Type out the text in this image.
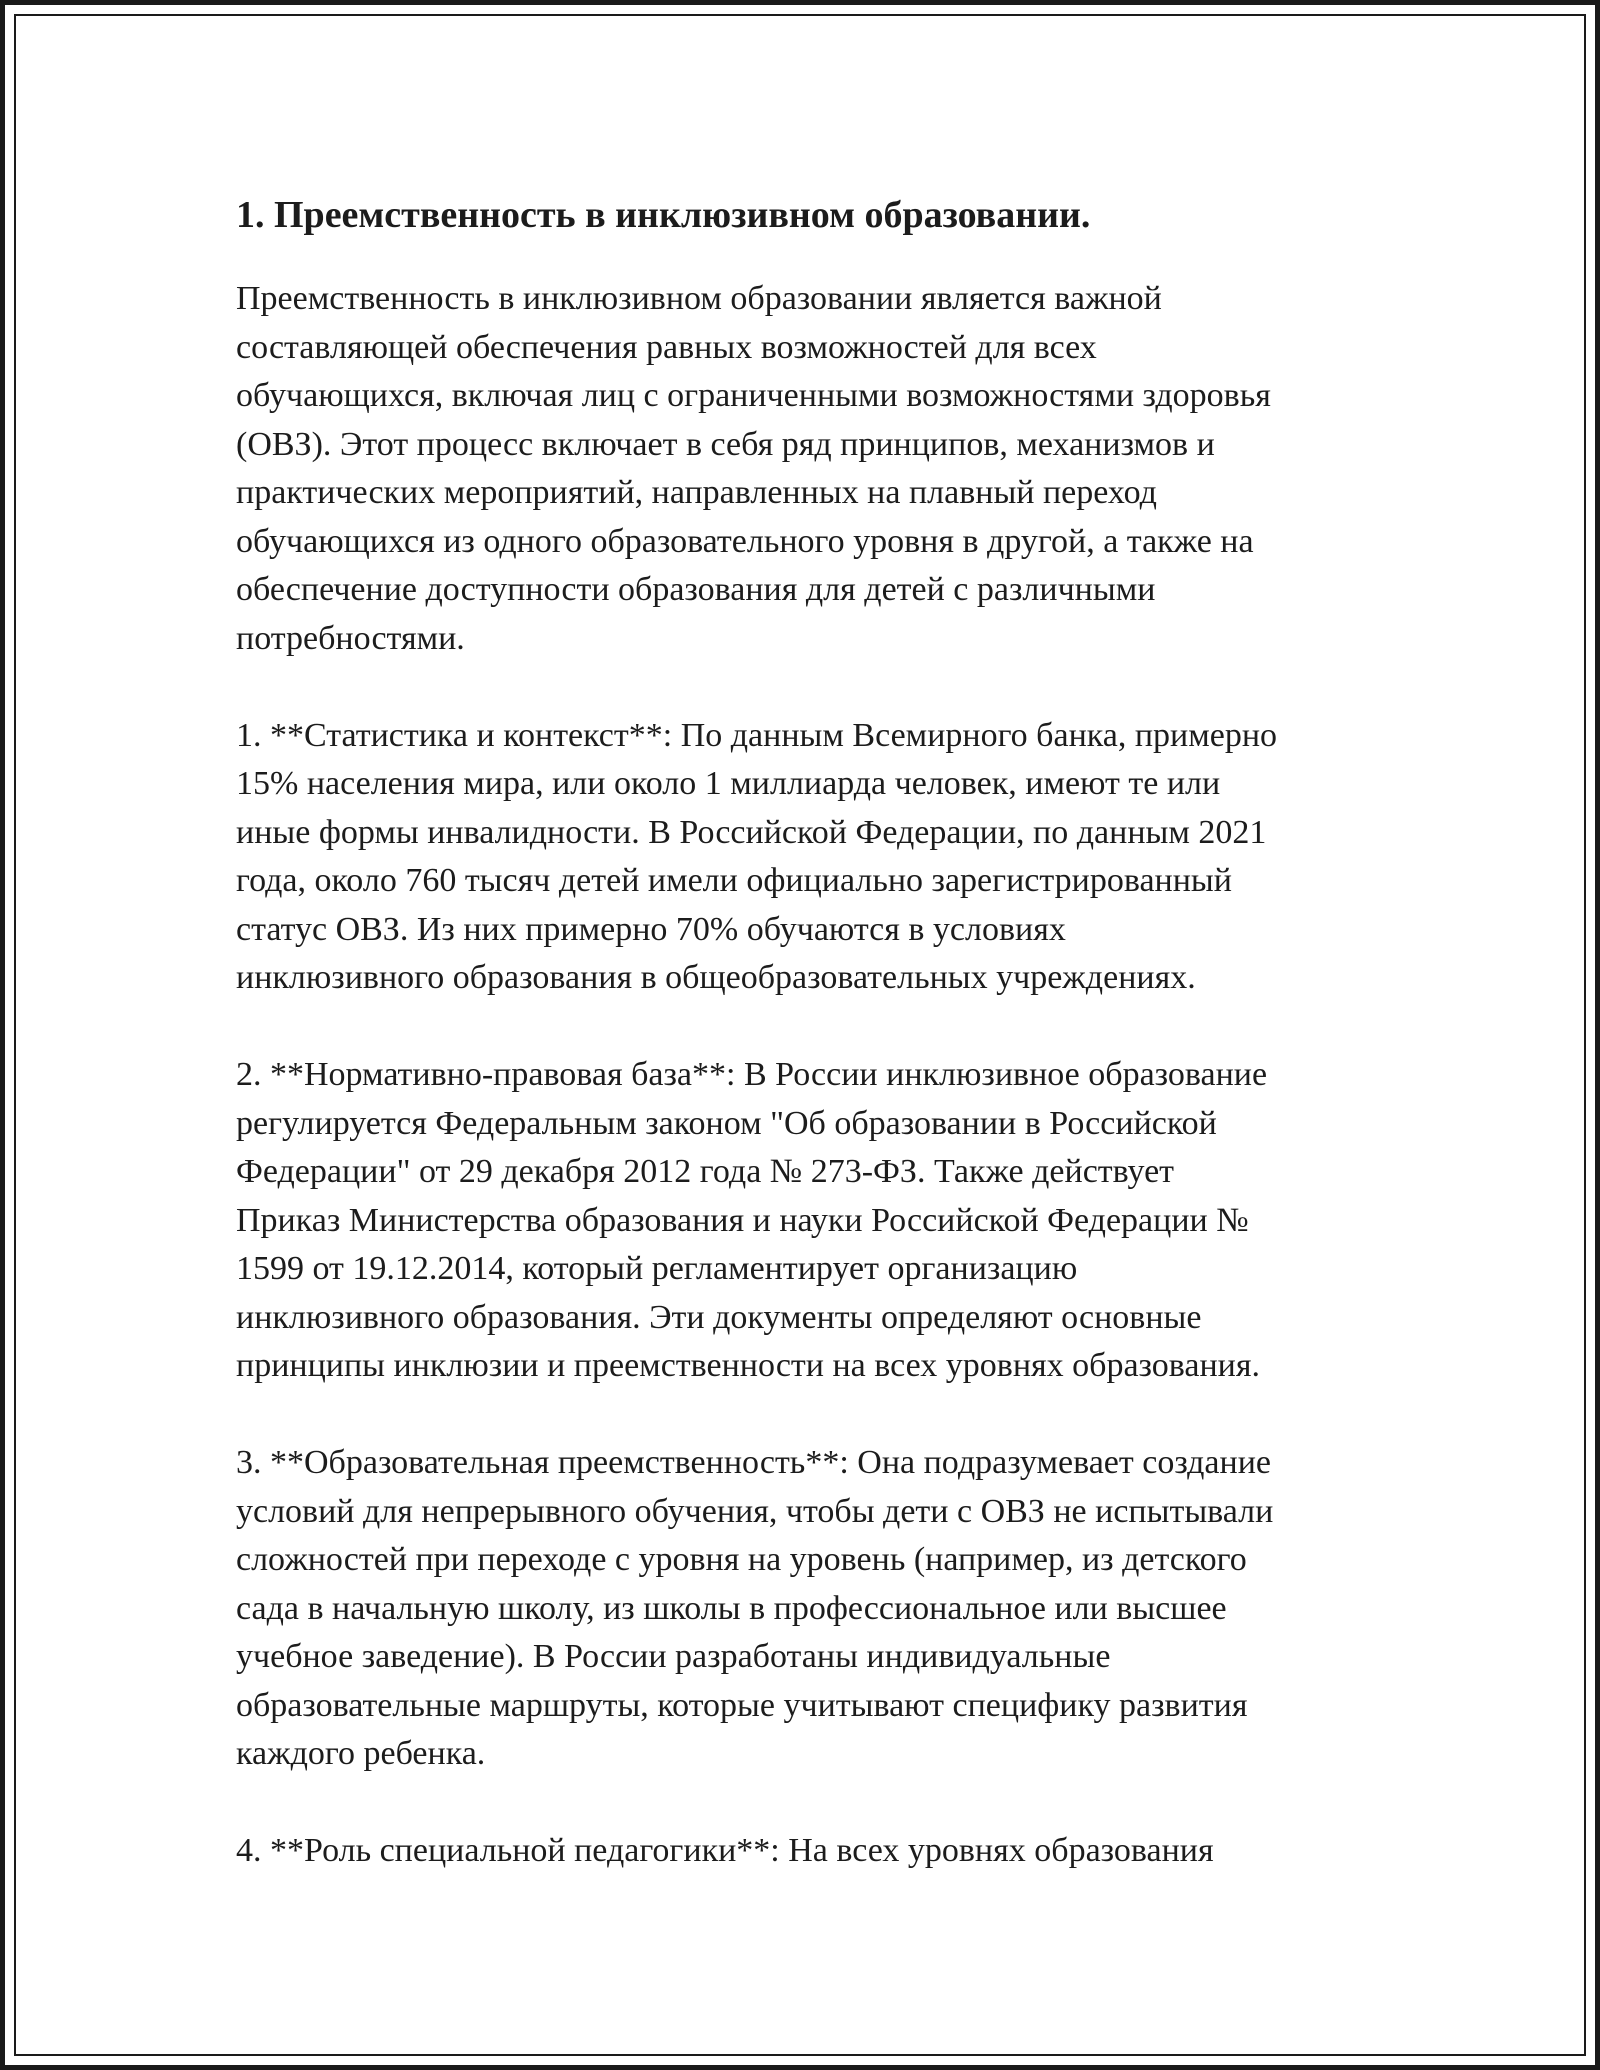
1. Преемственность в инклюзивном образовании.

Преемственность в инклюзивном образовании является важной
составляющей обеспечения равных возможностей для всех
обучающихся, включая лиц с ограниченными возможностями здоровья
(ОВЗ). Этот процесс включает в себя ряд принципов, механизмов и
практических мероприятий, направленных на плавный переход
обучающихся из одного образовательного уровня в другой, а также на
обеспечение доступности образования для детей с различными
потребностями.

1. **Статистика и контекст**: По данным Всемирного банка, примерно
15% населения мира, или около 1 миллиарда человек, имеют те или
иные формы инвалидности. В Российской Федерации, по данным 2021
года, около 760 тысяч детей имели официально зарегистрированный
статус ОВЗ. Из них примерно 70% обучаются в условиях
инклюзивного образования в общеобразовательных учреждениях.

2. **Нормативно-правовая база**: В России инклюзивное образование
регулируется Федеральным законом "Об образовании в Российской
Федерации" от 29 декабря 2012 года № 273-ФЗ. Также действует
Приказ Министерства образования и науки Российской Федерации №
1599 от 19.12.2014, который регламентирует организацию
инклюзивного образования. Эти документы определяют основные
принципы инклюзии и преемственности на всех уровнях образования.

3. **Образовательная преемственность**: Она подразумевает создание
условий для непрерывного обучения, чтобы дети с ОВЗ не испытывали
сложностей при переходе с уровня на уровень (например, из детского
сада в начальную школу, из школы в профессиональное или высшее
учебное заведение). В России разработаны индивидуальные
образовательные маршруты, которые учитывают специфику развития
каждого ребенка.

4. **Роль специальной педагогики**: На всех уровнях образования
